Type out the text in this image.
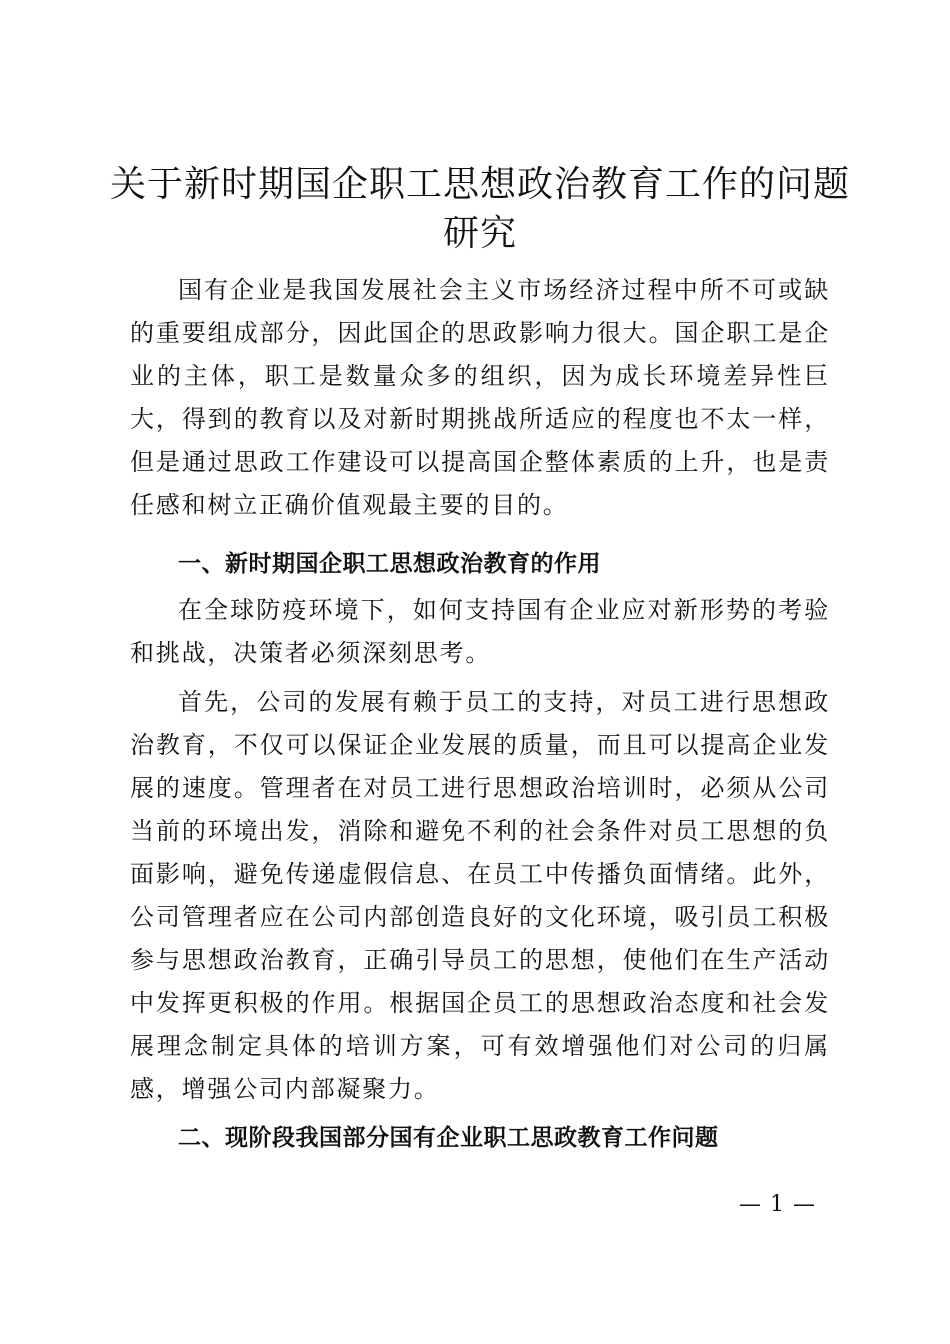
关于新时期国企职工思想政治教育工作的问题研究

国有企业是我国发展社会主义市场经济过程中所不可或缺的重要组成部分，因此国企的思政影响力很大。国企职工是企业的主体，职工是数量众多的组织，因为成长环境差异性巨大，得到的教育以及对新时期挑战所适应的程度也不太一样，但是通过思政工作建设可以提高国企整体素质的上升，也是责任感和树立正确价值观最主要的目的。

一、新时期国企职工思想政治教育的作用

在全球防疫环境下，如何支持国有企业应对新形势的考验和挑战，决策者必须深刻思考。

首先，公司的发展有赖于员工的支持，对员工进行思想政治教育，不仅可以保证企业发展的质量，而且可以提高企业发展的速度。管理者在对员工进行思想政治培训时，必须从公司当前的环境出发，消除和避免不利的社会条件对员工思想的负面影响，避免传递虚假信息、在员工中传播负面情绪。此外，公司管理者应在公司内部创造良好的文化环境，吸引员工积极参与思想政治教育，正确引导员工的思想，使他们在生产活动中发挥更积极的作用。根据国企员工的思想政治态度和社会发展理念制定具体的培训方案，可有效增强他们对公司的归属感，增强公司内部凝聚力。

二、现阶段我国部分国有企业职工思政教育工作问题
— 1 —
